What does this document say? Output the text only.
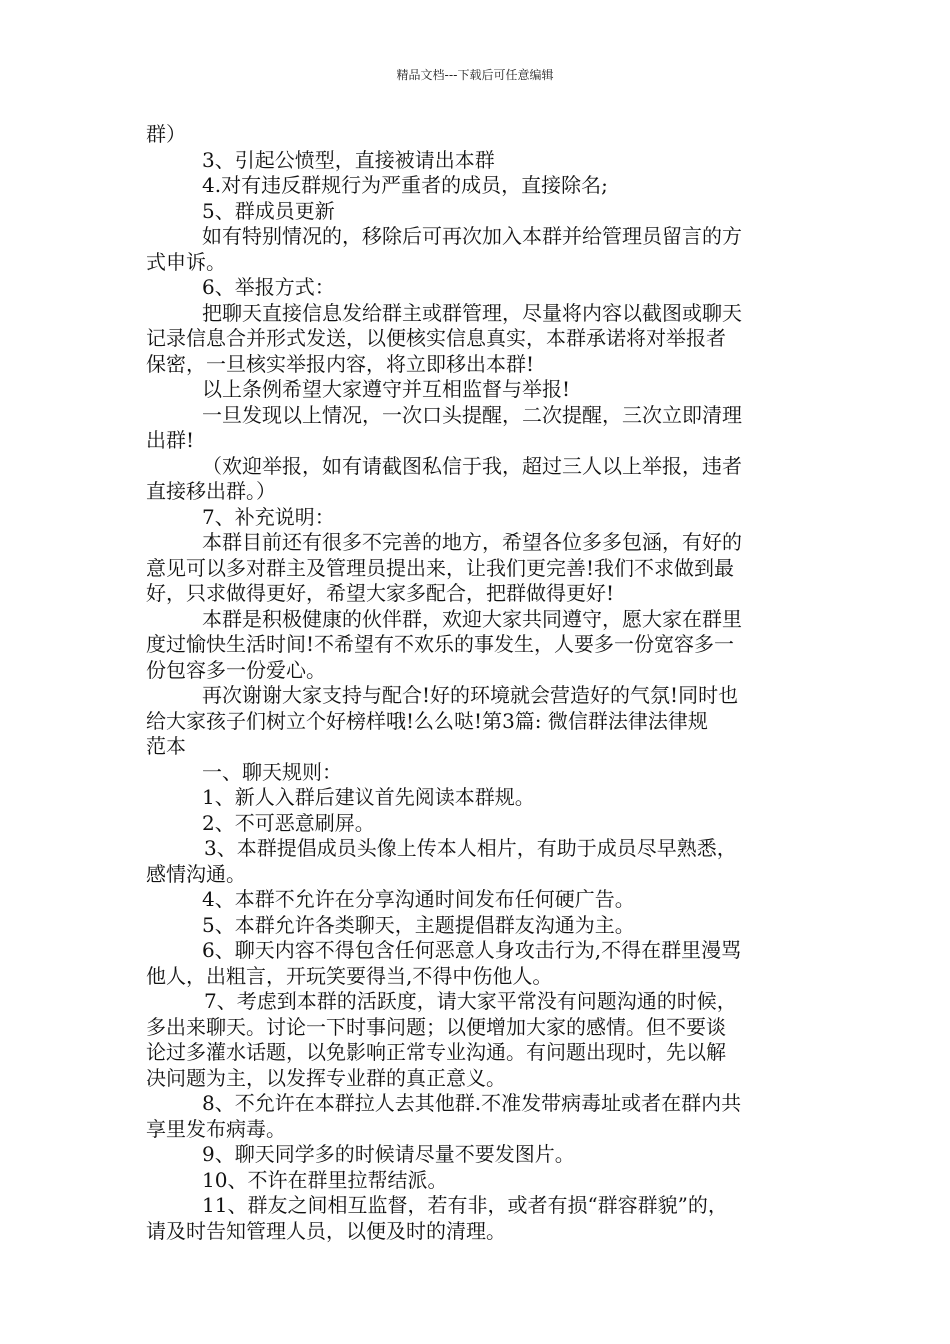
精品文档---下载后可任意编辑
群）
3、引起公愤型，直接被请出本群
4.对有违反群规行为严重者的成员，直接除名;
5、群成员更新
如有特别情况的，移除后可再次加入本群并给管理员留言的方
式申诉。
6、举报方式：
把聊天直接信息发给群主或群管理，尽量将内容以截图或聊天
记录信息合并形式发送，以便核实信息真实，本群承诺将对举报者
保密，一旦核实举报内容，将立即移出本群!
以上条例希望大家遵守并互相监督与举报!
一旦发现以上情况，一次口头提醒，二次提醒，三次立即清理
出群!
（欢迎举报，如有请截图私信于我，超过三人以上举报，违者
直接移出群。）
7、补充说明：
本群目前还有很多不完善的地方，希望各位多多包涵，有好的
意见可以多对群主及管理员提出来，让我们更完善!我们不求做到最
好，只求做得更好，希望大家多配合，把群做得更好!
本群是积极健康的伙伴群，欢迎大家共同遵守，愿大家在群里
度过愉快生活时间!不希望有不欢乐的事发生，人要多一份宽容多一
份包容多一份爱心。
再次谢谢大家支持与配合!好的环境就会营造好的气氛!同时也
给大家孩子们树立个好榜样哦!么么哒!第3篇: 微信群法律法律规
范本
一、聊天规则：
1、新人入群后建议首先阅读本群规。
2、不可恶意刷屏。
3、本群提倡成员头像上传本人相片，有助于成员尽早熟悉，
感情沟通。
4、本群不允许在分享沟通时间发布任何硬广告。
5、本群允许各类聊天，主题提倡群友沟通为主。
6、聊天内容不得包含任何恶意人身攻击行为,不得在群里漫骂
他人，出粗言，开玩笑要得当,不得中伤他人。
7、考虑到本群的活跃度，请大家平常没有问题沟通的时候，
多出来聊天。讨论一下时事问题；以便增加大家的感情。但不要谈
论过多灌水话题，以免影响正常专业沟通。有问题出现时，先以解
决问题为主，以发挥专业群的真正意义。
8、不允许在本群拉人去其他群.不准发带病毒址或者在群内共
享里发布病毒。
9、聊天同学多的时候请尽量不要发图片。
10、不许在群里拉帮结派。
11、群友之间相互监督，若有非，或者有损“群容群貌”的，
请及时告知管理人员，以便及时的清理。
